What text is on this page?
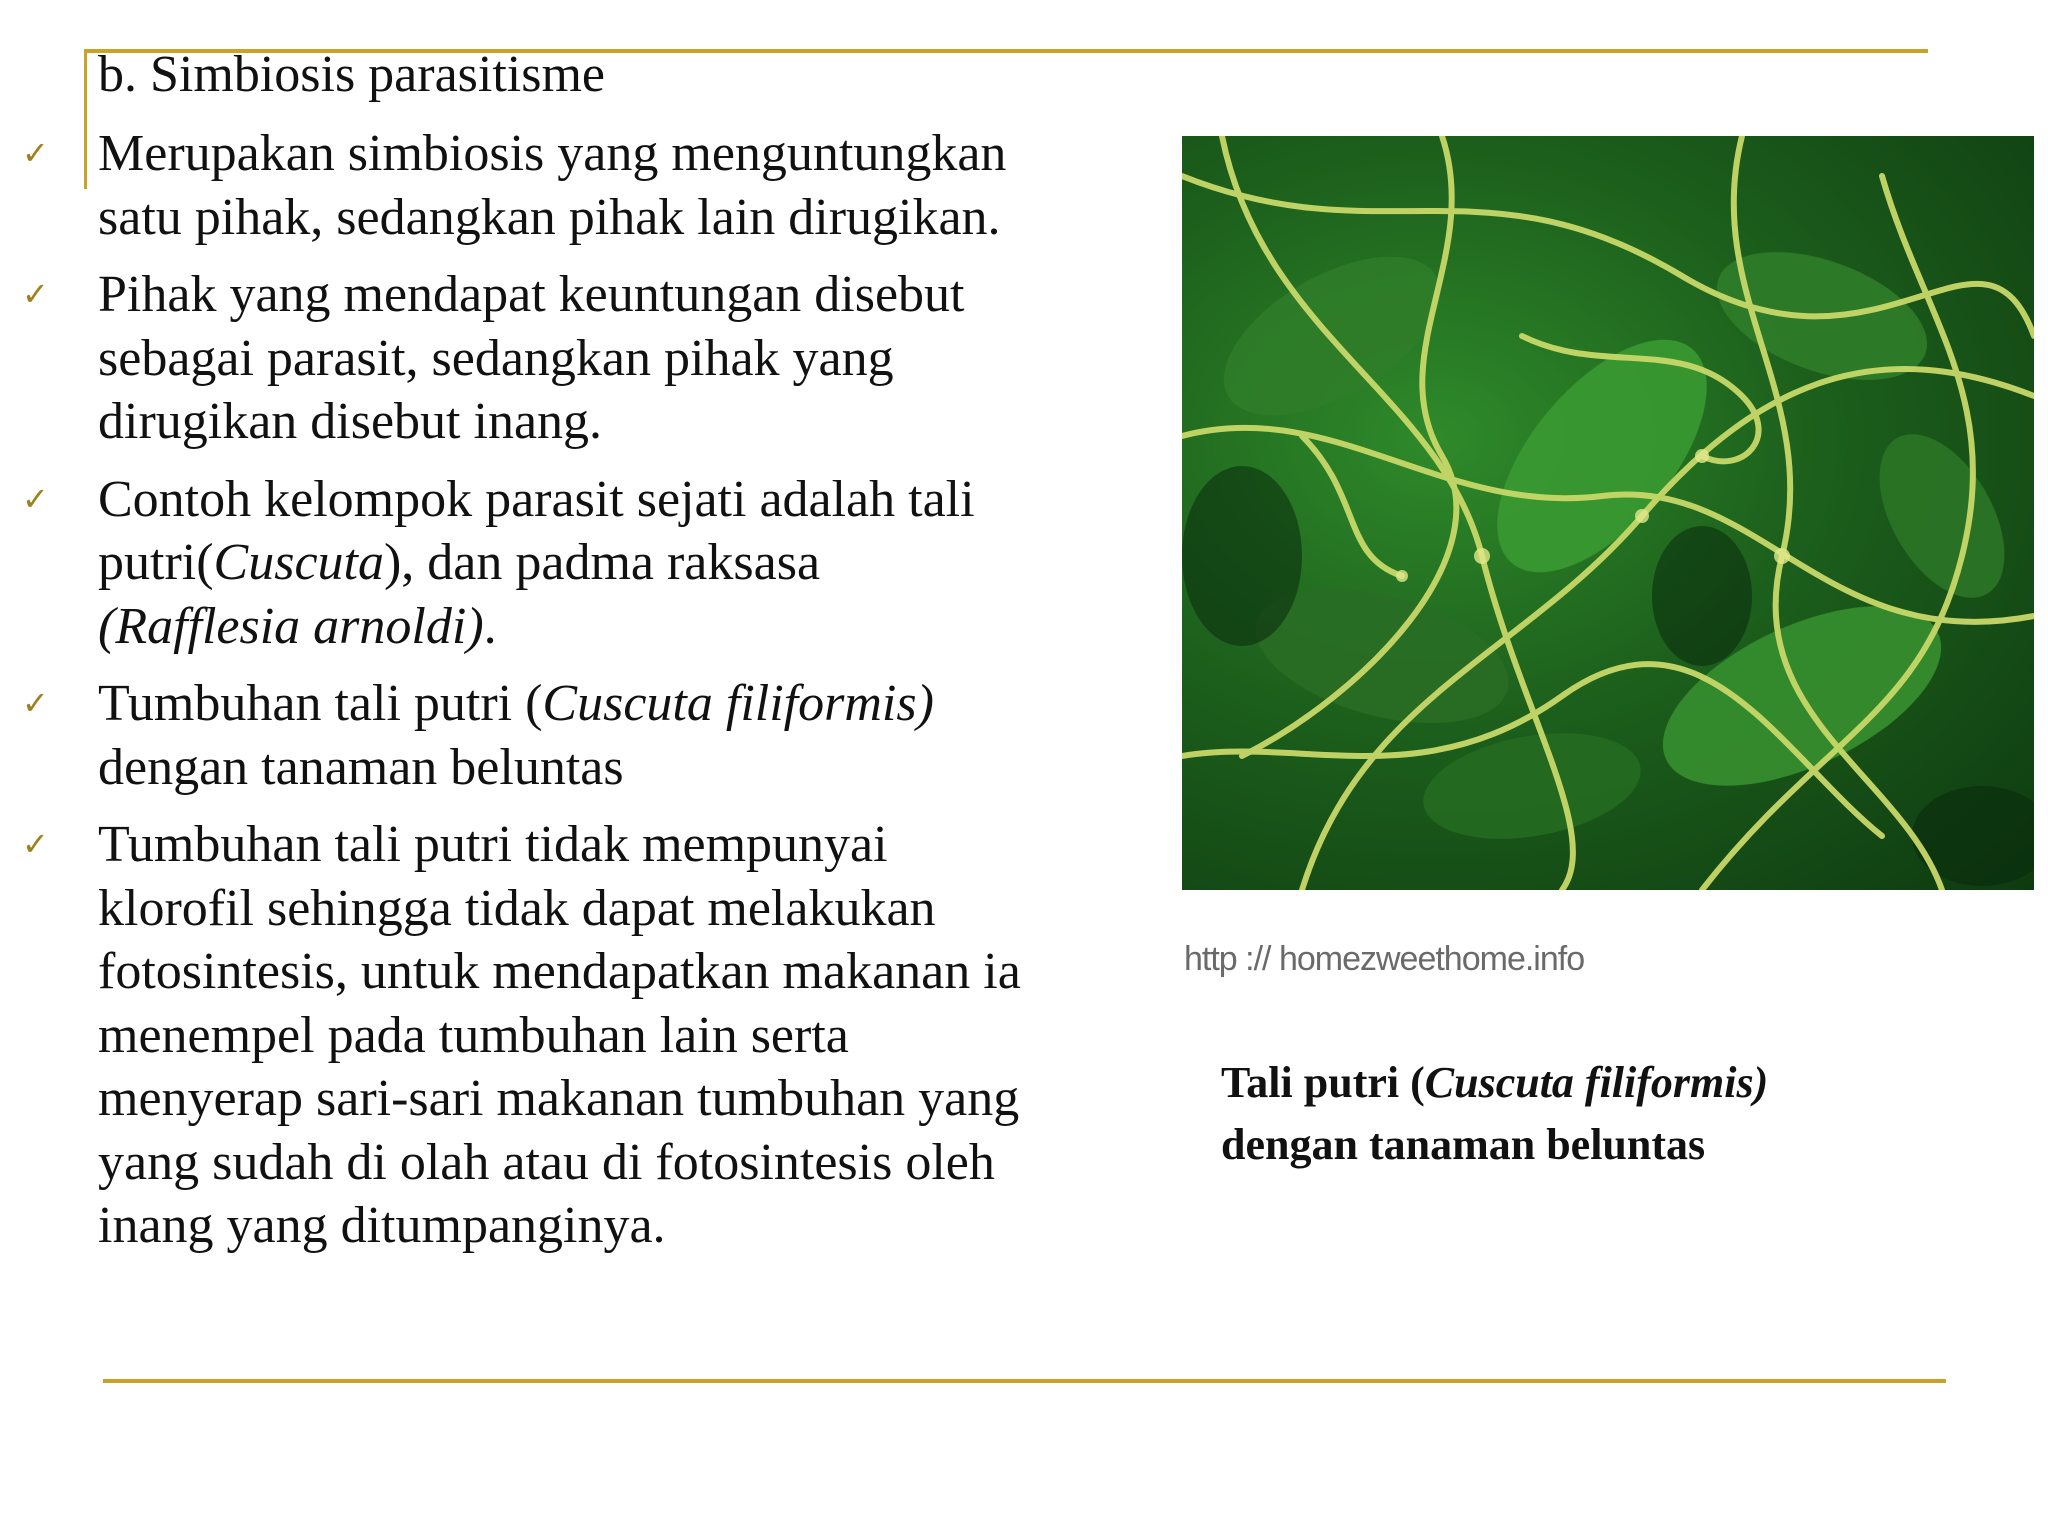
b. Simbiosis parasitisme
✓ Merupakan simbiosis yang menguntungkan
satu pihak, sedangkan pihak lain dirugikan.
✓ Pihak yang mendapat keuntungan disebut
sebagai parasit, sedangkan pihak yang
dirugikan disebut inang.
✓ Contoh kelompok parasit sejati adalah tali
putri(Cuscuta), dan padma raksasa
(Rafflesia arnoldi).
✓ Tumbuhan tali putri (Cuscuta filiformis)
dengan tanaman beluntas
✓ Tumbuhan tali putri tidak mempunyai
klorofil sehingga tidak dapat melakukan
fotosintesis, untuk mendapatkan makanan ia
menempel pada tumbuhan lain serta
menyerap sari-sari makanan tumbuhan yang
yang sudah di olah atau di fotosintesis oleh
inang yang ditumpanginya.
http :// homezweethome.info
Tali putri (Cuscuta filiformis)
dengan tanaman beluntas
